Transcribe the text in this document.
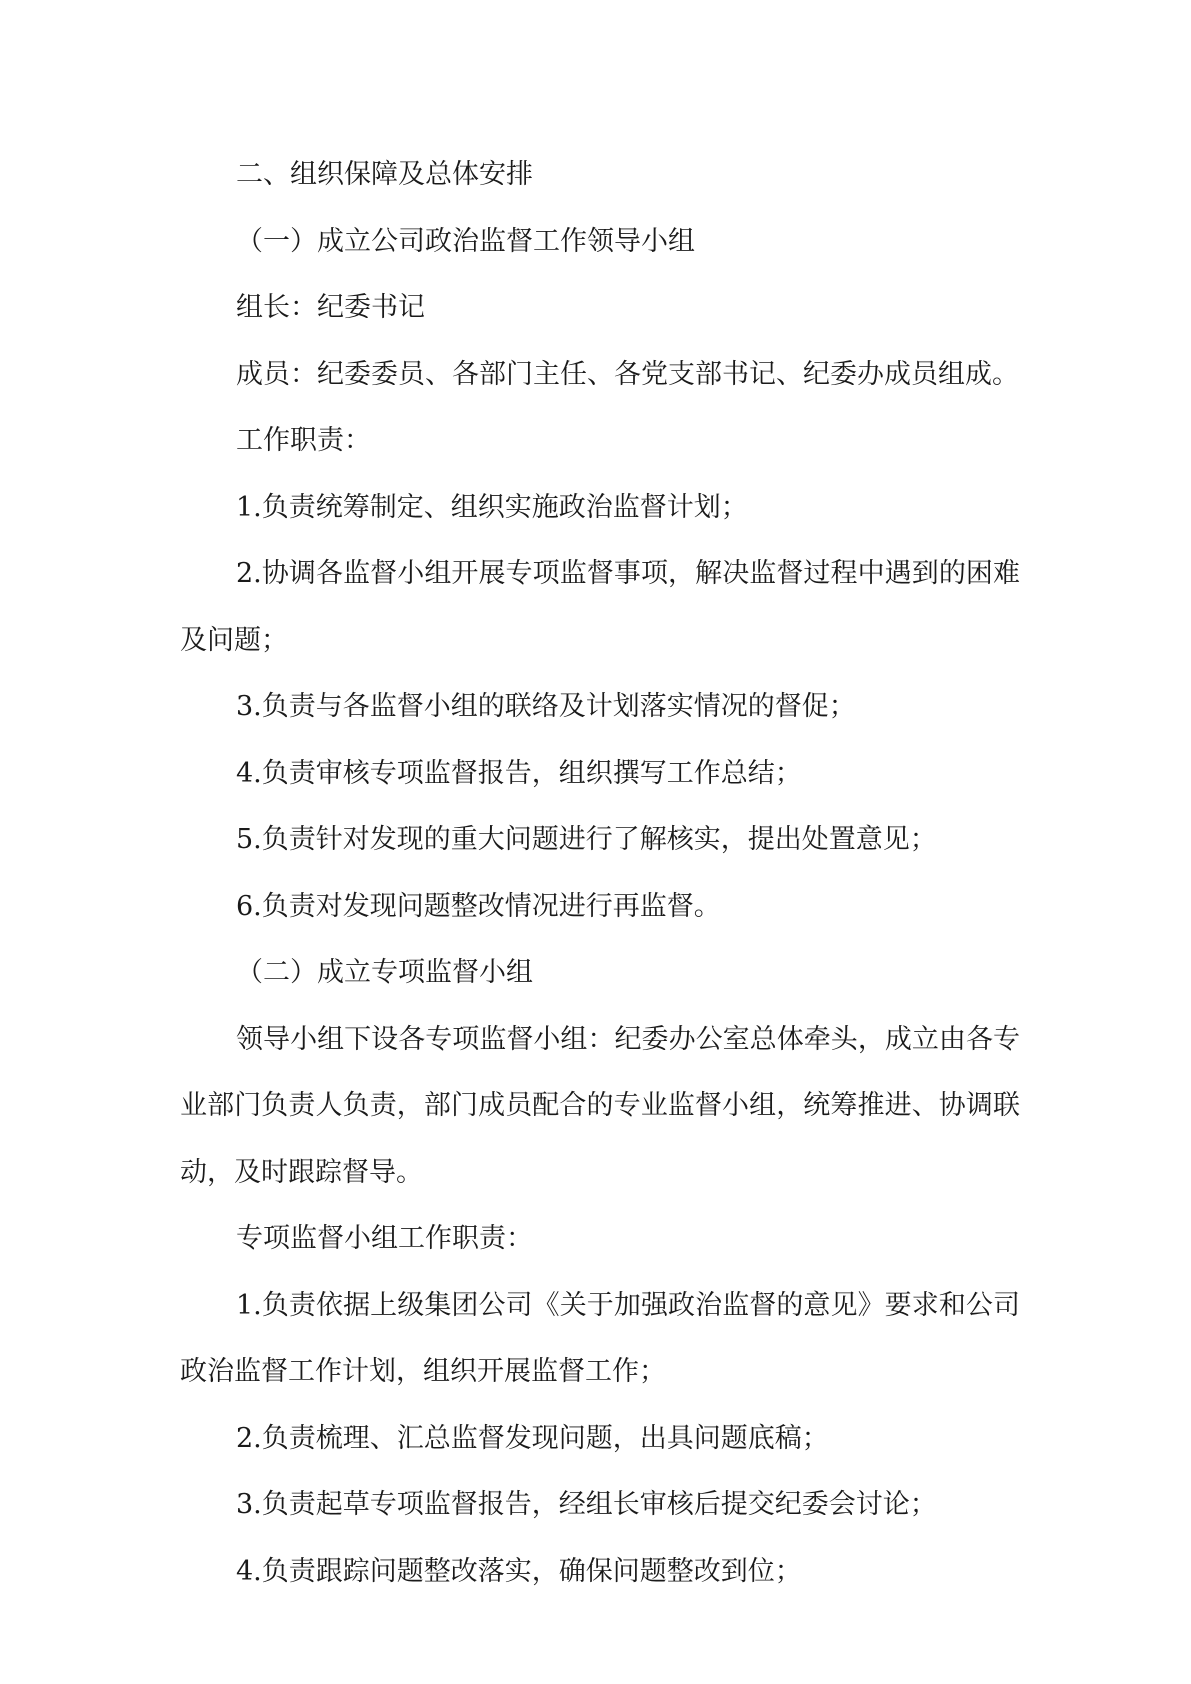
二、组织保障及总体安排

（一）成立公司政治监督工作领导小组

组长：纪委书记

成员：纪委委员、各部门主任、各党支部书记、纪委办成员组成。

工作职责：

1.负责统筹制定、组织实施政治监督计划；

2.协调各监督小组开展专项监督事项，解决监督过程中遇到的困难及问题；

3.负责与各监督小组的联络及计划落实情况的督促；

4.负责审核专项监督报告，组织撰写工作总结；

5.负责针对发现的重大问题进行了解核实，提出处置意见；

6.负责对发现问题整改情况进行再监督。

（二）成立专项监督小组

领导小组下设各专项监督小组：纪委办公室总体牵头，成立由各专业部门负责人负责，部门成员配合的专业监督小组，统筹推进、协调联动，及时跟踪督导。

专项监督小组工作职责：

1.负责依据上级集团公司《关于加强政治监督的意见》要求和公司政治监督工作计划，组织开展监督工作；

2.负责梳理、汇总监督发现问题，出具问题底稿；

3.负责起草专项监督报告，经组长审核后提交纪委会讨论；

4.负责跟踪问题整改落实，确保问题整改到位；
